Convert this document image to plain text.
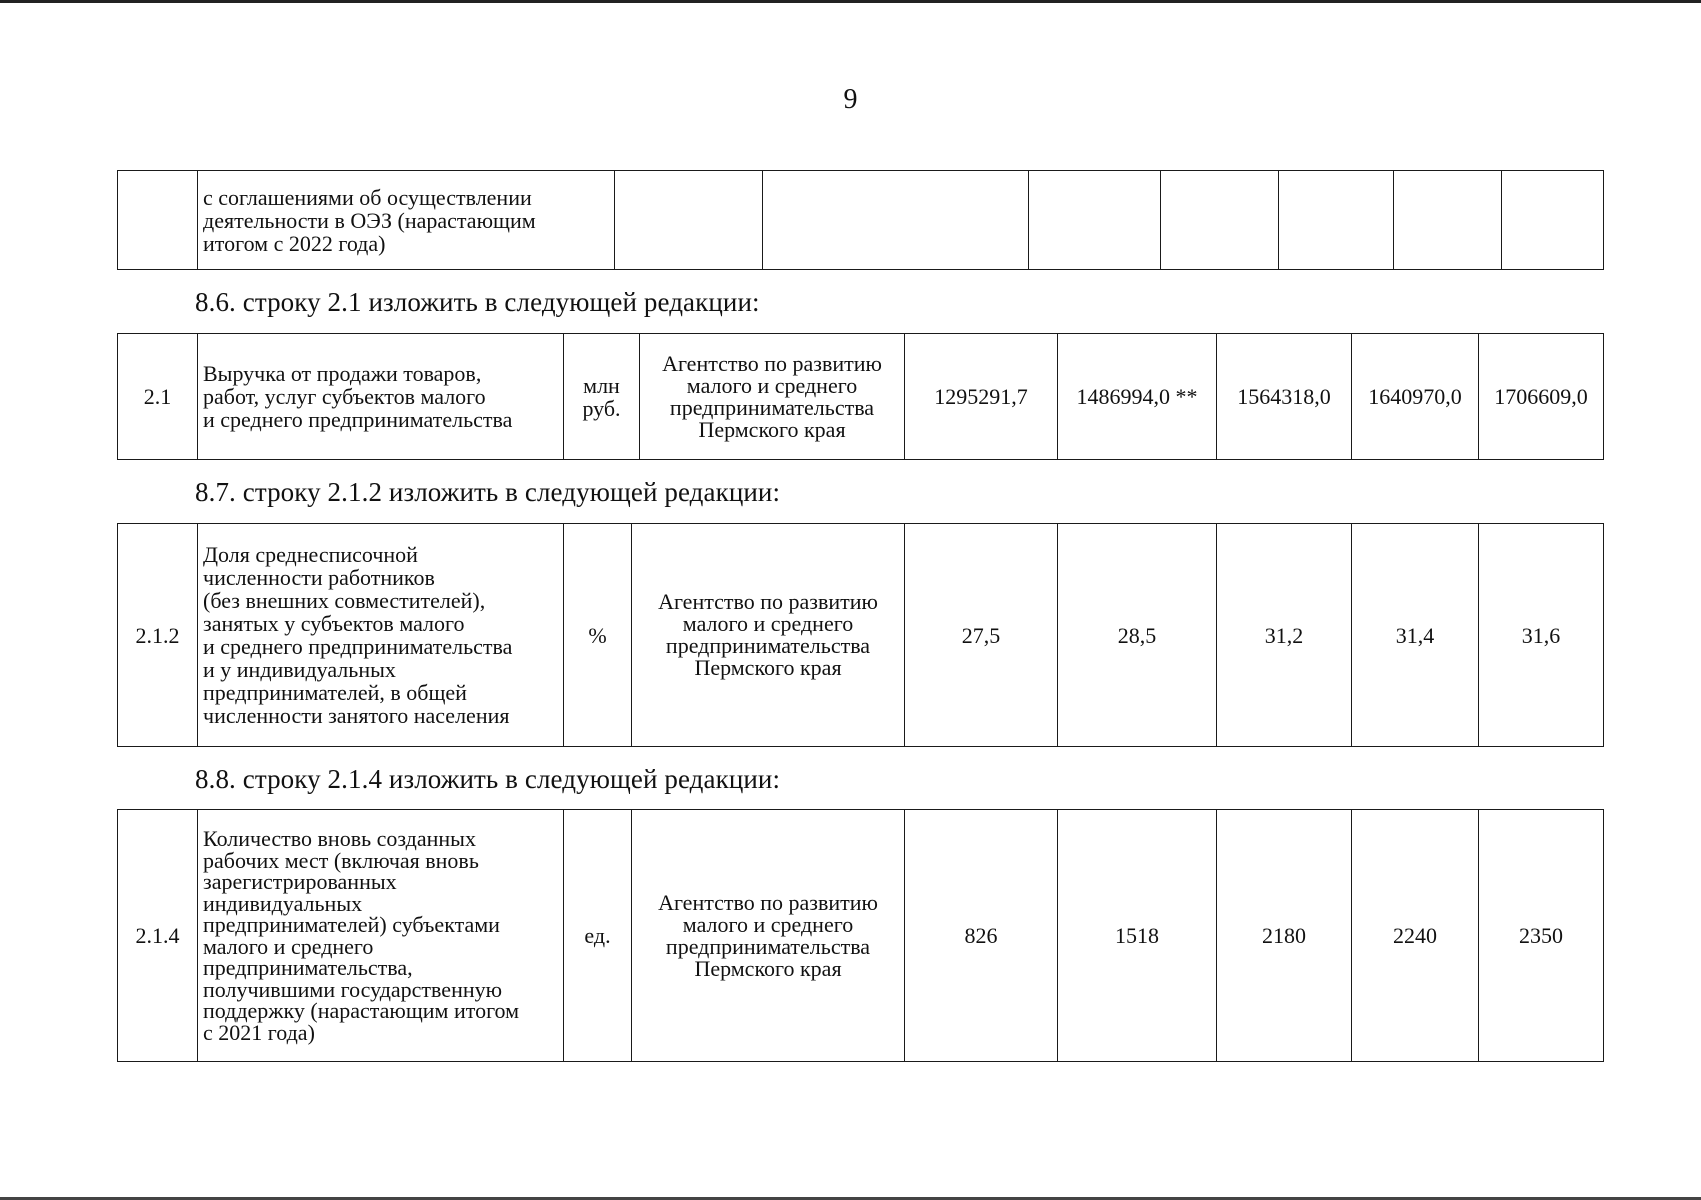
9
	с соглашениями об осуществлении
деятельности в ОЭЗ (нарастающим
итогом с 2022 года)							
8.6. строку 2.1 изложить в следующей редакции:
2.1	Выручка от продажи товаров,
работ, услуг субъектов малого
и среднего предпринимательства	млн
руб.	Агентство по развитию
малого и среднего
предпринимательства
Пермского края	1295291,7	1486994,0 **	1564318,0	1640970,0	1706609,0
8.7. строку 2.1.2 изложить в следующей редакции:
2.1.2	Доля среднесписочной
численности работников
(без внешних совместителей),
занятых у субъектов малого
и среднего предпринимательства
и у индивидуальных
предпринимателей, в общей
численности занятого населения	%	Агентство по развитию
малого и среднего
предпринимательства
Пермского края	27,5	28,5	31,2	31,4	31,6
8.8. строку 2.1.4 изложить в следующей редакции:
2.1.4	Количество вновь созданных
рабочих мест (включая вновь
зарегистрированных
индивидуальных
предпринимателей) субъектами
малого и среднего
предпринимательства,
получившими государственную
поддержку (нарастающим итогом
с 2021 года)	ед.	Агентство по развитию
малого и среднего
предпринимательства
Пермского края	826	1518	2180	2240	2350
